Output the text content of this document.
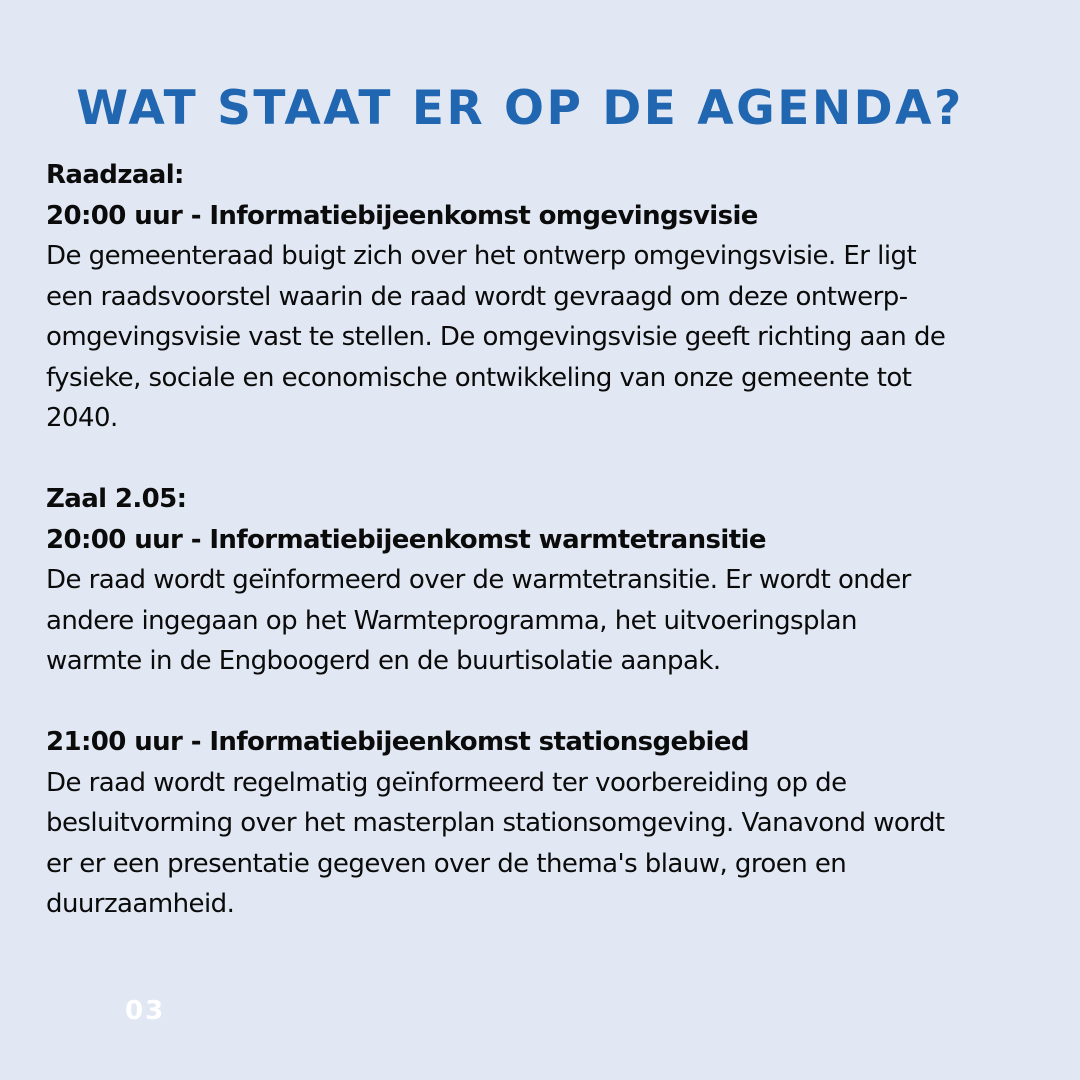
WAT STAAT ER OP DE AGENDA?
Raadzaal:
20:00 uur - Informatiebijeenkomst omgevingsvisie
De gemeenteraad buigt zich over het ontwerp omgevingsvisie. Er ligt
een raadsvoorstel waarin de raad wordt gevraagd om deze ontwerp-
omgevingsvisie vast te stellen. De omgevingsvisie geeft richting aan de
fysieke, sociale en economische ontwikkeling van onze gemeente tot
2040.
Zaal 2.05:
20:00 uur - Informatiebijeenkomst warmtetransitie
De raad wordt geïnformeerd over de warmtetransitie. Er wordt onder
andere ingegaan op het Warmteprogramma, het uitvoeringsplan
warmte in de Engboogerd en de buurtisolatie aanpak.
21:00 uur - Informatiebijeenkomst stationsgebied
De raad wordt regelmatig geïnformeerd ter voorbereiding op de
besluitvorming over het masterplan stationsomgeving. Vanavond wordt
er er een presentatie gegeven over de thema's blauw, groen en
duurzaamheid.
03
